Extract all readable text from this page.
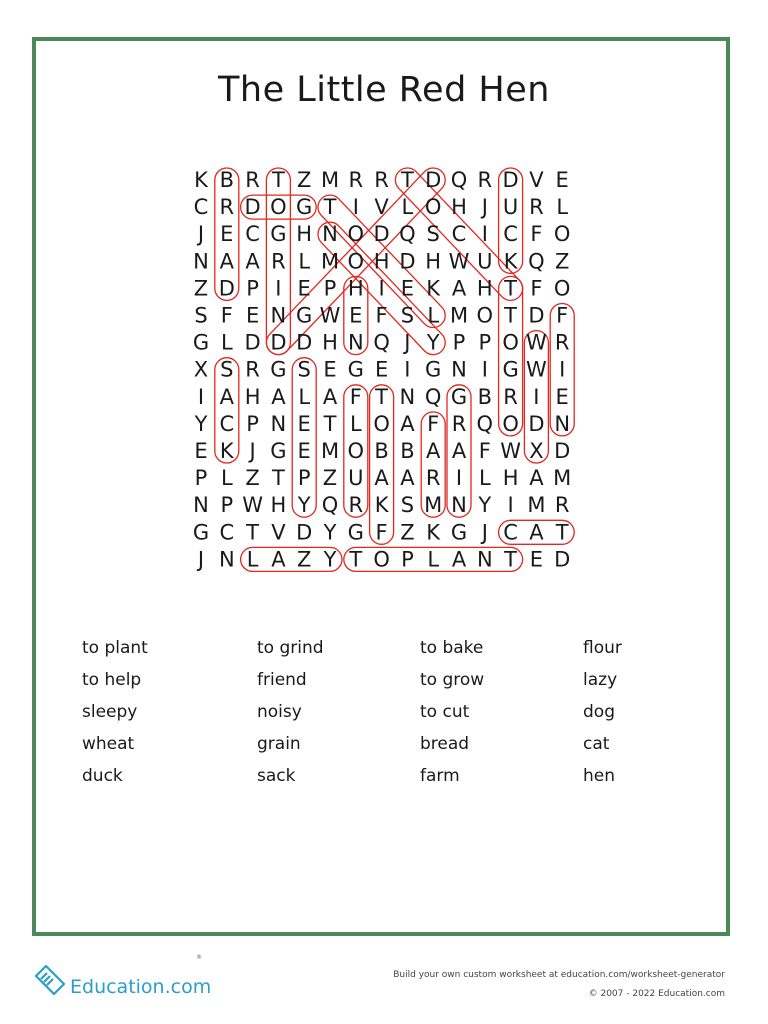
The Little Red Hen
K B R T Z M R R T D Q R D V E
C R D O G T I V L O H J U R L
J E C G H N O D Q S C I C F O
N A A R L M O H D H W U K Q Z
Z D P I E P H I E K A H T F O
S F E N G W E F S L M O T D F
G L D D D H N Q J Y P P O W R
X S R G S E G E I G N I G W I
I A H A L A F T N Q G B R I E
Y C P N E T L O A F R Q O D N
E K J G E M O B B A A F W X D
P L Z T P Z U A A R I L H A M
N P W H Y Q R K S M N Y I M R
G C T V D Y G F Z K G J C A T
J N L A Z Y T O P L A N T E D
to plant
to help
sleepy
wheat
duck
to grind
friend
noisy
grain
sack
to bake
to grow
to cut
bread
farm
flour
lazy
dog
cat
hen
Education.com
®
Build your own custom worksheet at education.com/worksheet-generator
© 2007 - 2022 Education.com
